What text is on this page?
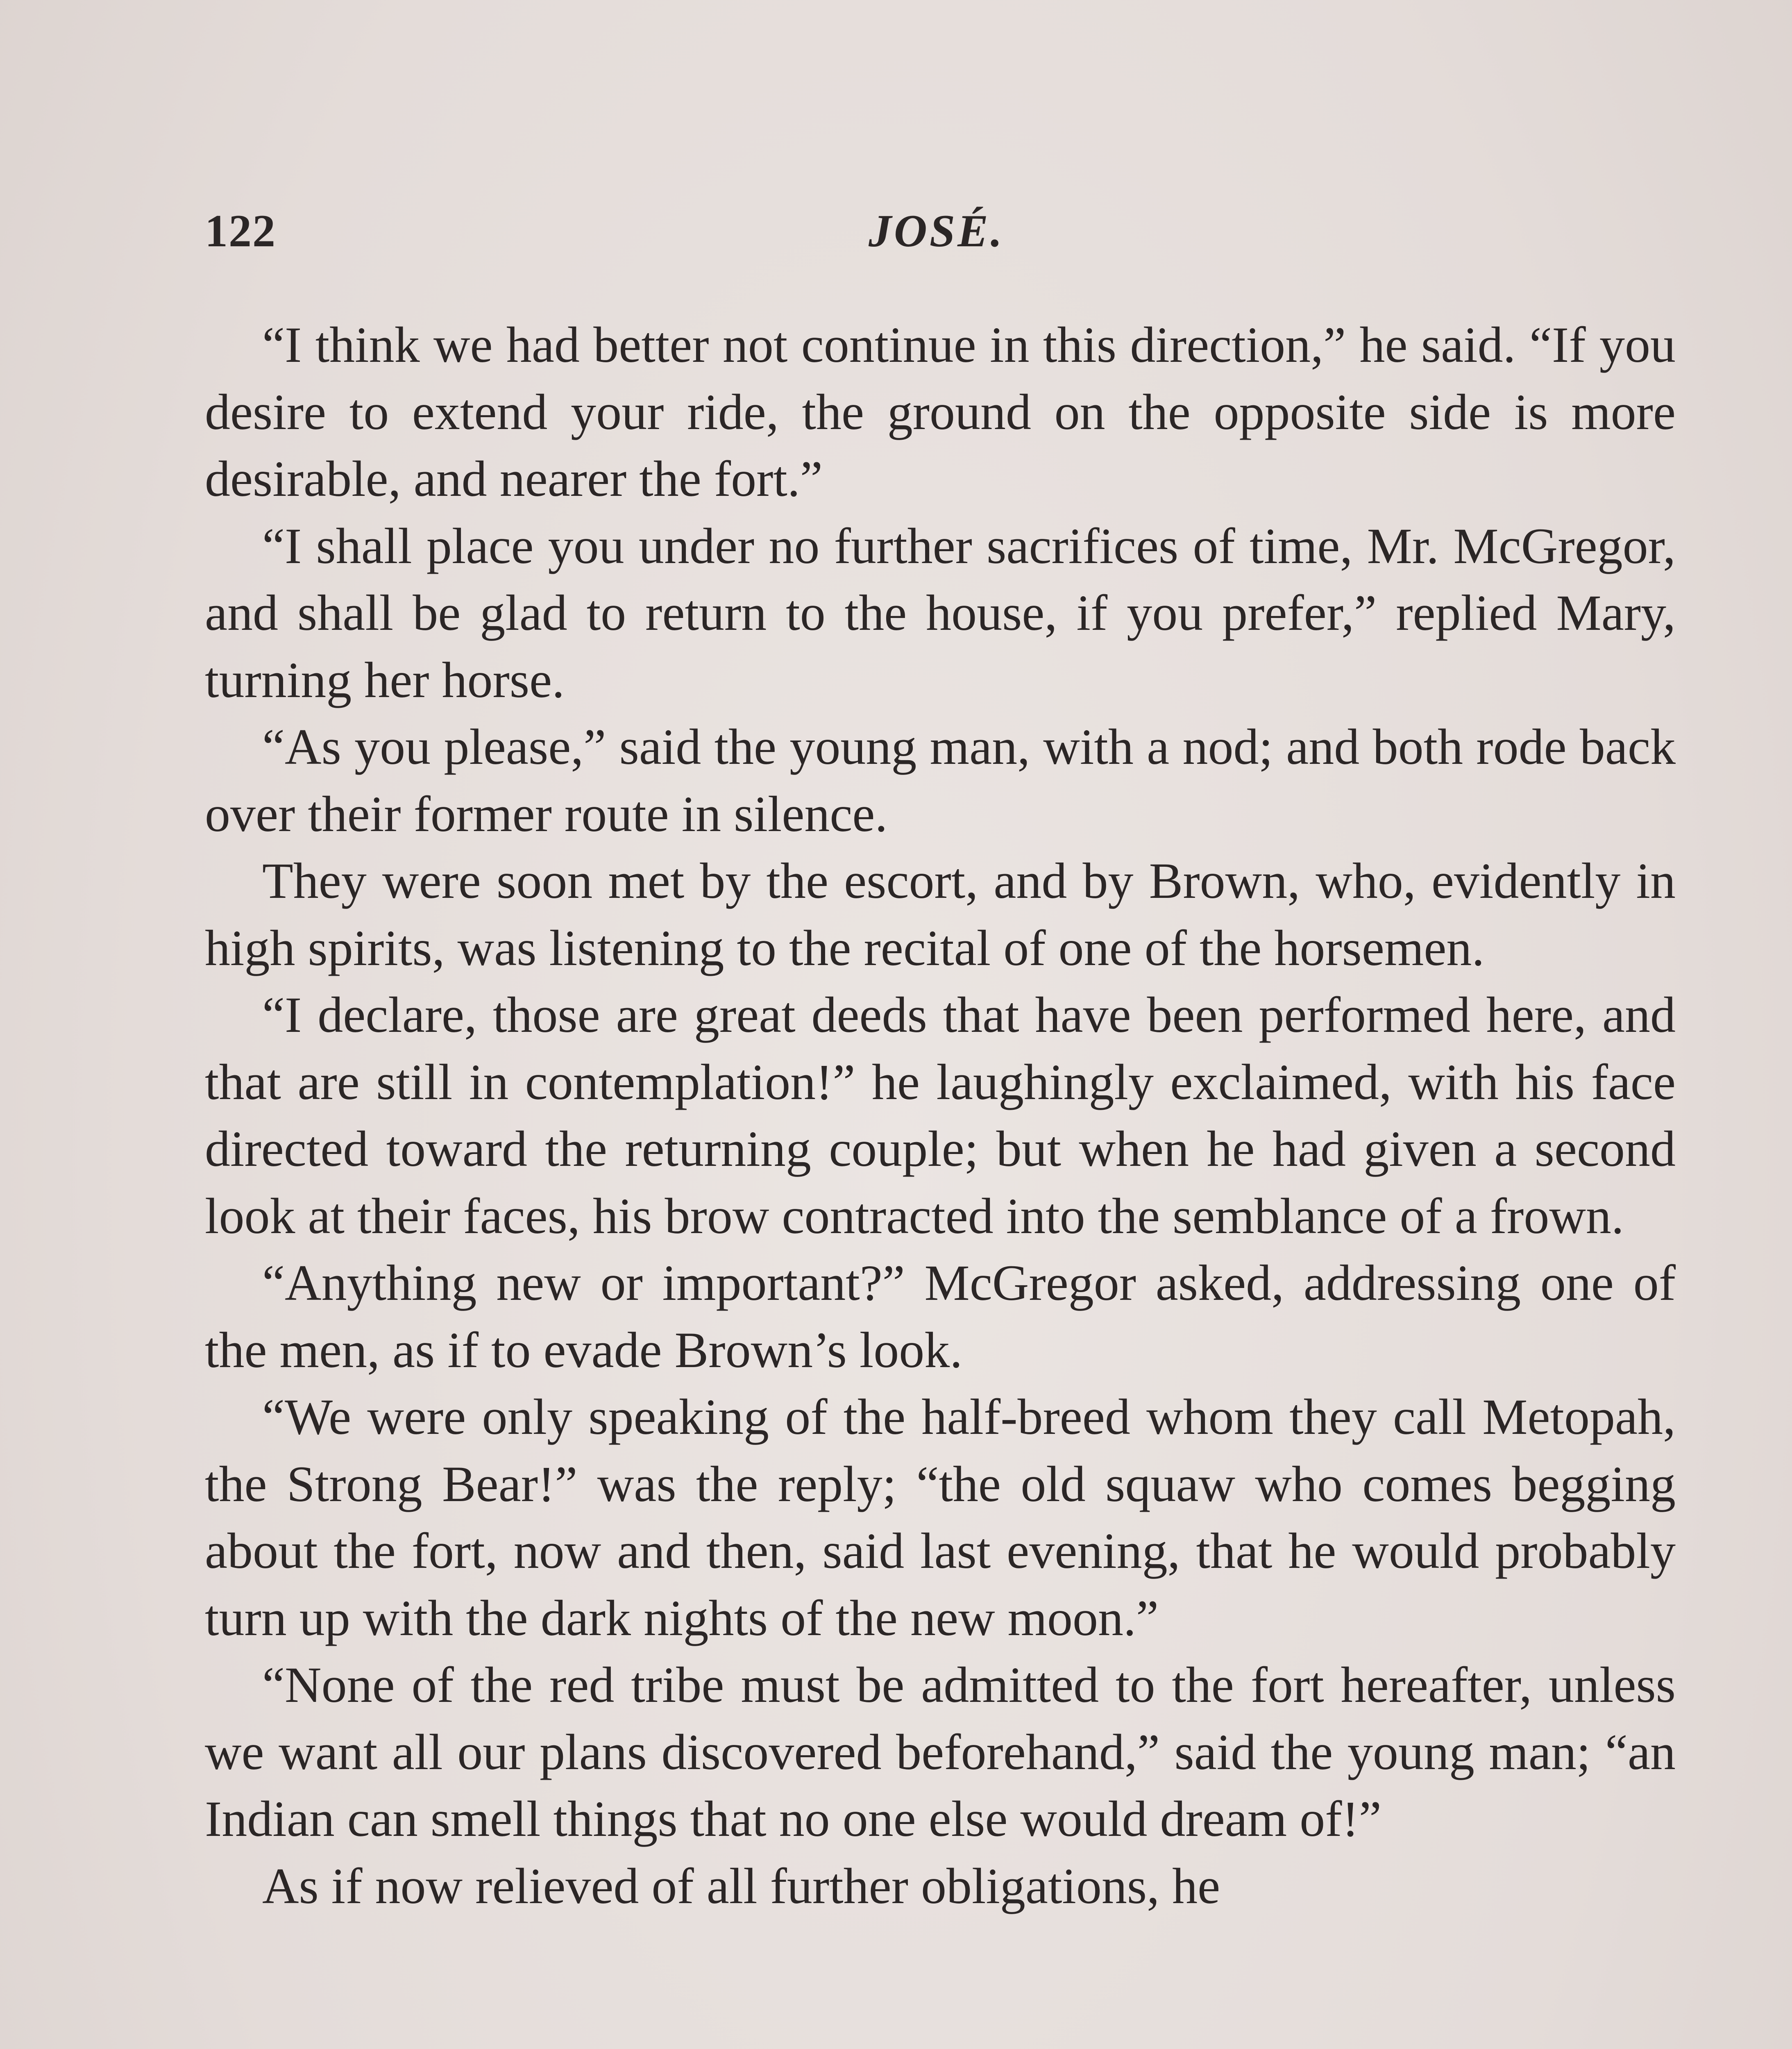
122	JOSÉ.

“I think we had better not continue in this direction,” he said. “If you desire to extend your ride, the ground on the opposite side is more desirable, and nearer the fort.”

“I shall place you under no further sacrifices of time, Mr. McGregor, and shall be glad to return to the house, if you prefer,” replied Mary, turning her horse.

“As you please,” said the young man, with a nod; and both rode back over their former route in silence.

They were soon met by the escort, and by Brown, who, evidently in high spirits, was listening to the recital of one of the horsemen.

“I declare, those are great deeds that have been performed here, and that are still in contemplation!” he laughingly exclaimed, with his face directed toward the returning couple; but when he had given a second look at their faces, his brow contracted into the semblance of a frown.

“Anything new or important?” McGregor asked, addressing one of the men, as if to evade Brown’s look.

“We were only speaking of the half-breed whom they call Metopah, the Strong Bear!” was the reply; “the old squaw who comes begging about the fort, now and then, said last evening, that he would probably turn up with the dark nights of the new moon.”

“None of the red tribe must be admitted to the fort hereafter, unless we want all our plans discovered beforehand,” said the young man; “an Indian can smell things that no one else would dream of!”

As if now relieved of all further obligations, he
